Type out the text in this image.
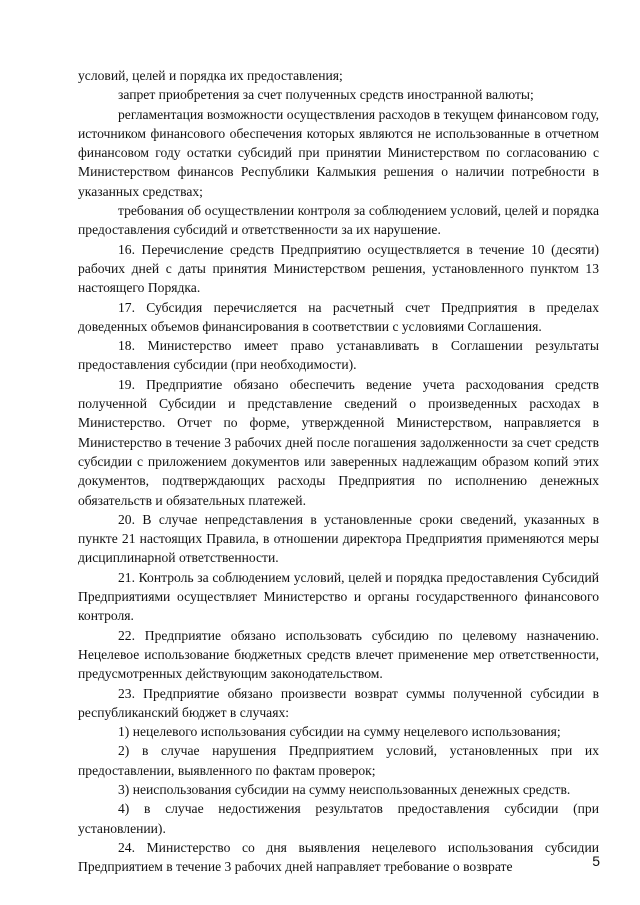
условий, целей и порядка их предоставления;

запрет приобретения за счет полученных средств иностранной валюты;

регламентация возможности осуществления расходов в текущем финансовом году, источником финансового обеспечения которых являются не использованные в отчетном финансовом году остатки субсидий при принятии Министерством по согласованию с Министерством финансов Республики Калмыкия решения о наличии потребности в указанных средствах;

требования об осуществлении контроля за соблюдением условий, целей и порядка предоставления субсидий и ответственности за их нарушение.

16. Перечисление средств Предприятию осуществляется в течение 10 (десяти) рабочих дней с даты принятия Министерством решения, установленного пунктом 13 настоящего Порядка.

17. Субсидия перечисляется на расчетный счет Предприятия в пределах доведенных объемов финансирования в соответствии с условиями Соглашения.

18. Министерство имеет право устанавливать в Соглашении результаты предоставления субсидии (при необходимости).

19. Предприятие обязано обеспечить ведение учета расходования средств полученной Субсидии и представление сведений о произведенных расходах в Министерство. Отчет по форме, утвержденной Министерством, направляется в Министерство в течение 3 рабочих дней после погашения задолженности за счет средств субсидии с приложением документов или заверенных надлежащим образом копий этих документов, подтверждающих расходы Предприятия по исполнению денежных обязательств и обязательных платежей.

20. В случае непредставления в установленные сроки сведений, указанных в пункте 21 настоящих Правила, в отношении директора Предприятия применяются меры дисциплинарной ответственности.

21. Контроль за соблюдением условий, целей и порядка предоставления Субсидий Предприятиями осуществляет Министерство и органы государственного финансового контроля.

22. Предприятие обязано использовать субсидию по целевому назначению. Нецелевое использование бюджетных средств влечет применение мер ответственности, предусмотренных действующим законодательством.

23. Предприятие обязано произвести возврат суммы полученной субсидии в республиканский бюджет в случаях:

1) нецелевого использования субсидии на сумму нецелевого использования;

2) в случае нарушения Предприятием условий, установленных при их предоставлении, выявленного по фактам проверок;

3) неиспользования субсидии на сумму неиспользованных денежных средств.

4) в случае недостижения результатов предоставления субсидии (при установлении).

24. Министерство со дня выявления нецелевого использования субсидии Предприятием в течение 3 рабочих дней направляет требование о возврате	5
